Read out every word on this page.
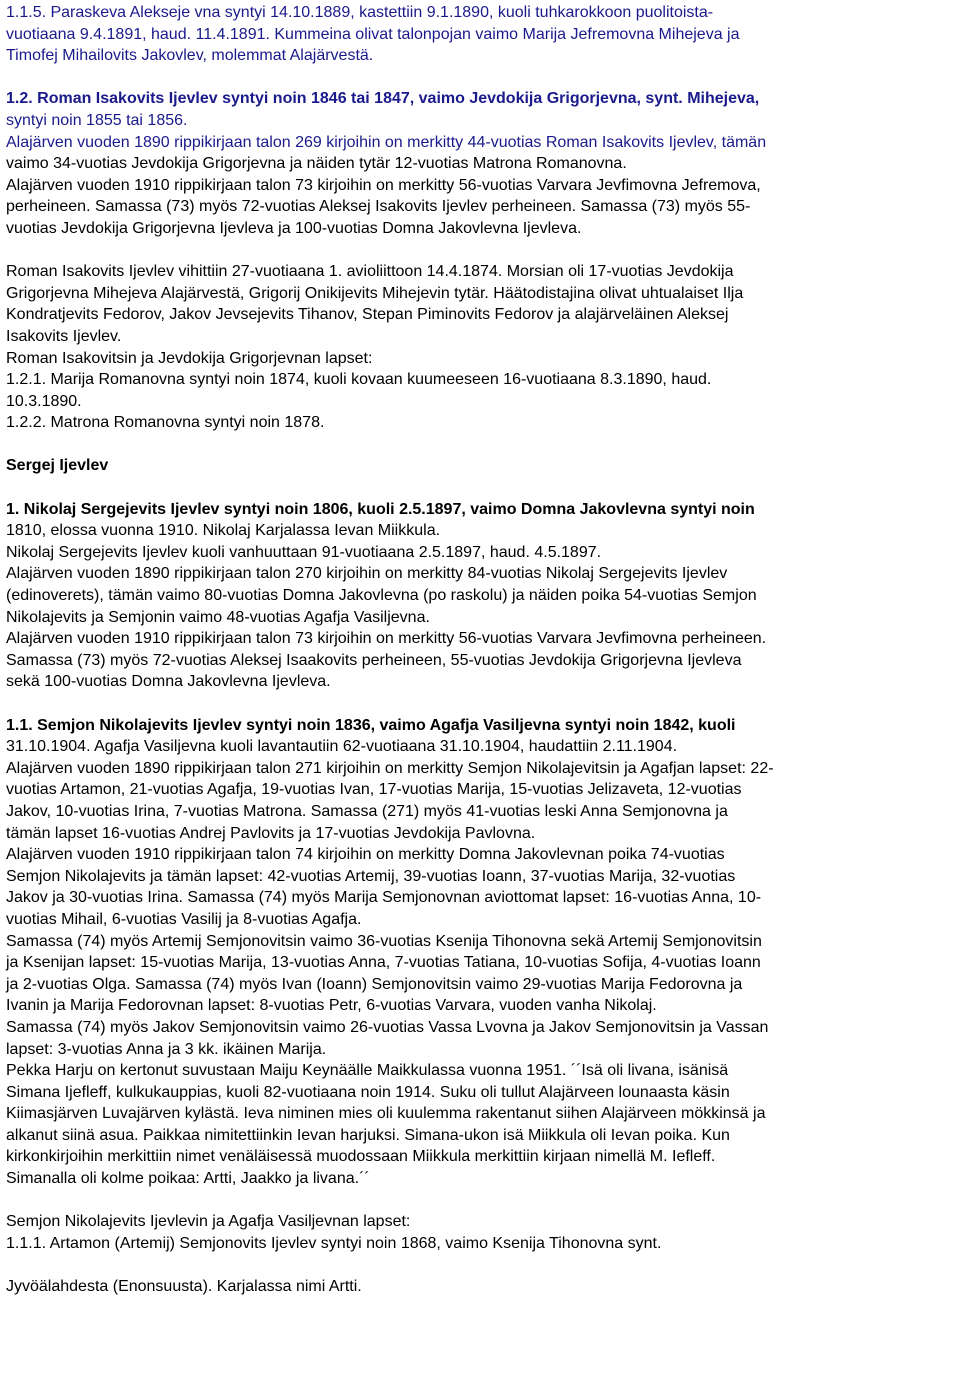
1.1.5. Paraskeva Alekseje vna syntyi 14.10.1889, kastettiin 9.1.1890, kuoli tuhkarokkoon puolitoista-
vuotiaana 9.4.1891, haud. 11.4.1891. Kummeina olivat talonpojan vaimo Marija Jefremovna Mihejeva ja
Timofej Mihailovits Jakovlev, molemmat Alajärvestä.
1.2. Roman Isakovits Ijevlev syntyi noin 1846 tai 1847, vaimo Jevdokija Grigorjevna, synt. Mihejeva,
syntyi noin 1855 tai 1856.
Alajärven vuoden 1890 rippikirjaan talon 269 kirjoihin on merkitty 44-vuotias Roman Isakovits Ijevlev, tämän
vaimo 34-vuotias Jevdokija Grigorjevna ja näiden tytär 12-vuotias Matrona Romanovna.
Alajärven vuoden 1910 rippikirjaan talon 73 kirjoihin on merkitty 56-vuotias Varvara Jevfimovna Jefremova,
perheineen. Samassa (73) myös 72-vuotias Aleksej Isakovits Ijevlev perheineen. Samassa (73) myös 55-
vuotias Jevdokija Grigorjevna Ijevleva ja 100-vuotias Domna Jakovlevna Ijevleva.
Roman Isakovits Ijevlev vihittiin 27-vuotiaana 1. avioliittoon 14.4.1874. Morsian oli 17-vuotias Jevdokija
Grigorjevna Mihejeva Alajärvestä, Grigorij Onikijevits Mihejevin tytär. Häätodistajina olivat uhtualaiset Ilja
Kondratjevits Fedorov, Jakov Jevsejevits Tihanov, Stepan Piminovits Fedorov ja alajärveläinen Aleksej
Isakovits Ijevlev.
Roman Isakovitsin ja Jevdokija Grigorjevnan lapset:
1.2.1. Marija Romanovna syntyi noin 1874, kuoli kovaan kuumeeseen 16-vuotiaana 8.3.1890, haud.
10.3.1890.
1.2.2. Matrona Romanovna syntyi noin 1878.
Sergej Ijevlev
1. Nikolaj Sergejevits Ijevlev syntyi noin 1806, kuoli 2.5.1897, vaimo Domna Jakovlevna syntyi noin
1810, elossa vuonna 1910. Nikolaj Karjalassa Ievan Miikkula.
Nikolaj Sergejevits Ijevlev kuoli vanhuuttaan 91-vuotiaana 2.5.1897, haud. 4.5.1897.
Alajärven vuoden 1890 rippikirjaan talon 270 kirjoihin on merkitty 84-vuotias Nikolaj Sergejevits Ijevlev
(edinoverets), tämän vaimo 80-vuotias Domna Jakovlevna (po raskolu) ja näiden poika 54-vuotias Semjon
Nikolajevits ja Semjonin vaimo 48-vuotias Agafja Vasiljevna.
Alajärven vuoden 1910 rippikirjaan talon 73 kirjoihin on merkitty 56-vuotias Varvara Jevfimovna perheineen.
Samassa (73) myös 72-vuotias Aleksej Isaakovits perheineen, 55-vuotias Jevdokija Grigorjevna Ijevleva
sekä 100-vuotias Domna Jakovlevna Ijevleva.
1.1. Semjon Nikolajevits Ijevlev syntyi noin 1836, vaimo Agafja Vasiljevna syntyi noin 1842, kuoli
31.10.1904. Agafja Vasiljevna kuoli lavantautiin 62-vuotiaana 31.10.1904, haudattiin 2.11.1904.
Alajärven vuoden 1890 rippikirjaan talon 271 kirjoihin on merkitty Semjon Nikolajevitsin ja Agafjan lapset: 22-
vuotias Artamon, 21-vuotias Agafja, 19-vuotias Ivan, 17-vuotias Marija, 15-vuotias Jelizaveta, 12-vuotias
Jakov, 10-vuotias Irina, 7-vuotias Matrona. Samassa (271) myös 41-vuotias leski Anna Semjonovna ja
tämän lapset 16-vuotias Andrej Pavlovits ja 17-vuotias Jevdokija Pavlovna.
Alajärven vuoden 1910 rippikirjaan talon 74 kirjoihin on merkitty Domna Jakovlevnan poika 74-vuotias
Semjon Nikolajevits ja tämän lapset: 42-vuotias Artemij, 39-vuotias Ioann, 37-vuotias Marija, 32-vuotias
Jakov ja 30-vuotias Irina. Samassa (74) myös Marija Semjonovnan aviottomat lapset: 16-vuotias Anna, 10-
vuotias Mihail, 6-vuotias Vasilij ja 8-vuotias Agafja.
Samassa (74) myös Artemij Semjonovitsin vaimo 36-vuotias Ksenija Tihonovna sekä Artemij Semjonovitsin
ja Ksenijan lapset: 15-vuotias Marija, 13-vuotias Anna, 7-vuotias Tatiana, 10-vuotias Sofija, 4-vuotias Ioann
ja 2-vuotias Olga. Samassa (74) myös Ivan (Ioann) Semjonovitsin vaimo 29-vuotias Marija Fedorovna ja
Ivanin ja Marija Fedorovnan lapset: 8-vuotias Petr, 6-vuotias Varvara, vuoden vanha Nikolaj.
Samassa (74) myös Jakov Semjonovitsin vaimo 26-vuotias Vassa Lvovna ja Jakov Semjonovitsin ja Vassan
lapset: 3-vuotias Anna ja 3 kk. ikäinen Marija.
Pekka Harju on kertonut suvustaan Maiju Keynäälle Maikkulassa vuonna 1951. ´´Isä oli livana, isänisä
Simana Ijefleff, kulkukauppias, kuoli 82-vuotiaana noin 1914. Suku oli tullut Alajärveen lounaasta käsin
Kiimasjärven Luvajärven kylästä. Ieva niminen mies oli kuulemma rakentanut siihen Alajärveen mökkinsä ja
alkanut siinä asua. Paikkaa nimitettiinkin Ievan harjuksi. Simana-ukon isä Miikkula oli Ievan poika. Kun
kirkonkirjoihin merkittiin nimet venäläisessä muodossaan Miikkula merkittiin kirjaan nimellä M. Iefleff.
Simanalla oli kolme poikaa: Artti, Jaakko ja livana.´´
Semjon Nikolajevits Ijevlevin ja Agafja Vasiljevnan lapset:
1.1.1. Artamon (Artemij) Semjonovits Ijevlev syntyi noin 1868, vaimo Ksenija Tihonovna synt.
Jyvöälahdesta (Enonsuusta). Karjalassa nimi Artti.
